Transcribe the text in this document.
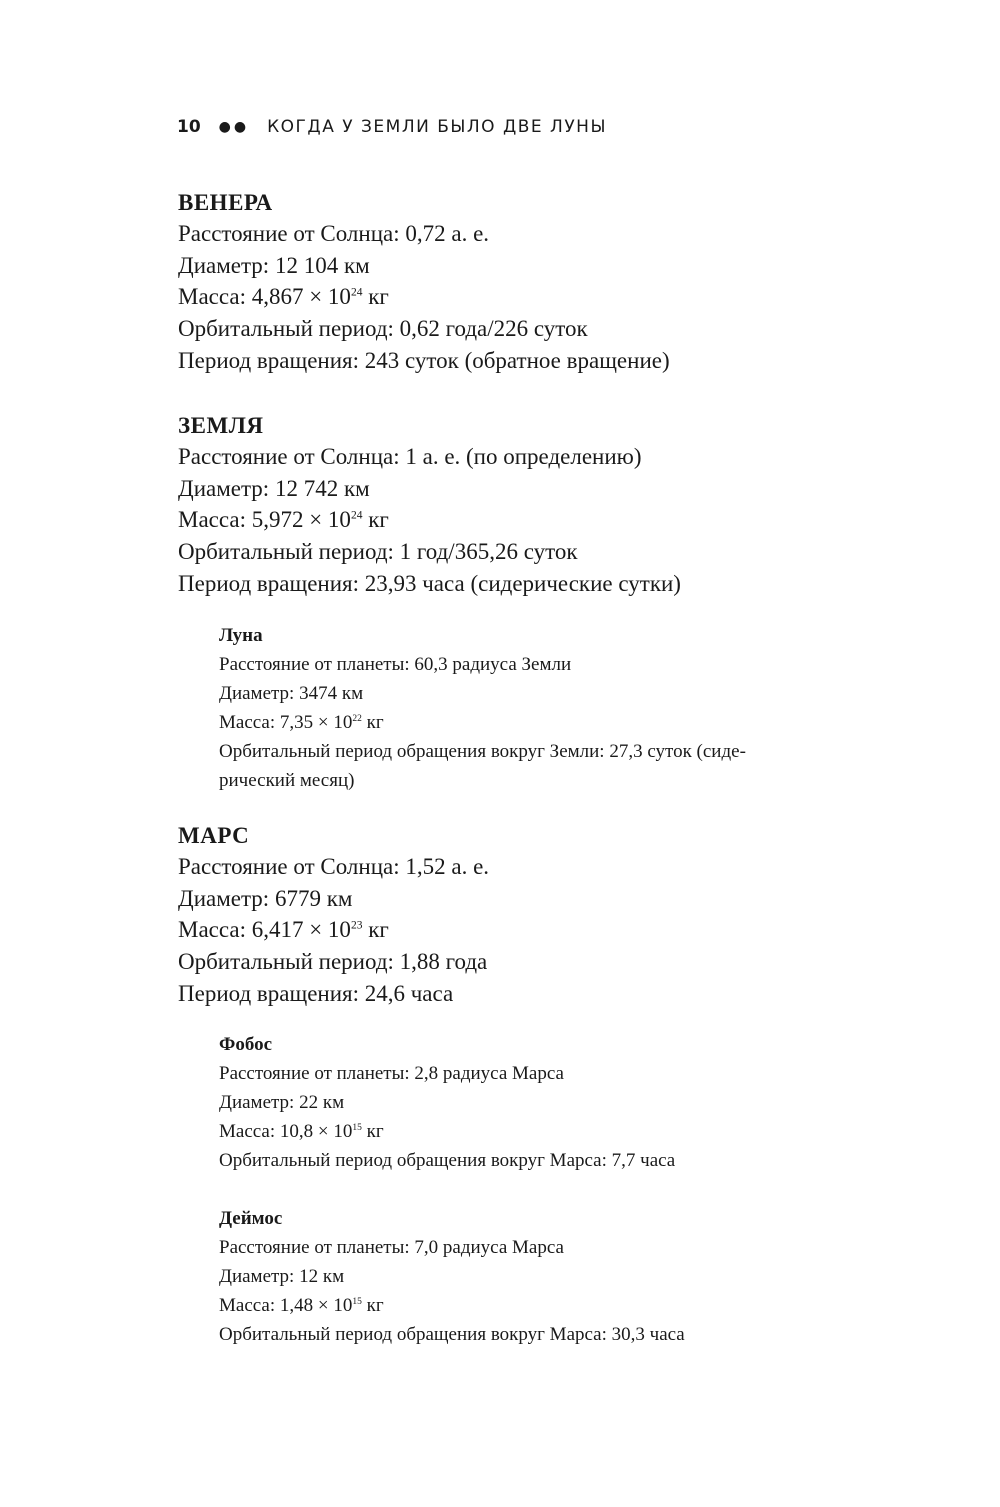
10 ●● КОГДА У ЗЕМЛИ БЫЛО ДВЕ ЛУНЫ
ВЕНЕРА
Расстояние от Солнца: 0,72 а. е.
Диаметр: 12 104 км
Масса: $4,867 \times 10^{24}$ кг
Орбитальный период: 0,62 года/226 суток
Период вращения: 243 суток (обратное вращение)
ЗЕМЛЯ
Расстояние от Солнца: 1 а. е. (по определению)
Диаметр: 12 742 км
Масса: $5,972 \times 10^{24}$ кг
Орбитальный период: 1 год/365,26 суток
Период вращения: 23,93 часа (сидерические сутки)
Луна
Расстояние от планеты: 60,3 радиуса Земли
Диаметр: 3474 км
Масса: $7,35 \times 10^{22}$ кг
Орбитальный период обращения вокруг Земли: 27,3 суток (сиде-
рический месяц)
МАРС
Расстояние от Солнца: 1,52 а. е.
Диаметр: 6779 км
Масса: $6,417 \times 10^{23}$ кг
Орбитальный период: 1,88 года
Период вращения: 24,6 часа
Фобос
Расстояние от планеты: 2,8 радиуса Марса
Диаметр: 22 км
Масса: $10,8 \times 10^{15}$ кг
Орбитальный период обращения вокруг Марса: 7,7 часа
Деймос
Расстояние от планеты: 7,0 радиуса Марса
Диаметр: 12 км
Масса: $1,48 \times 10^{15}$ кг
Орбитальный период обращения вокруг Марса: 30,3 часа
